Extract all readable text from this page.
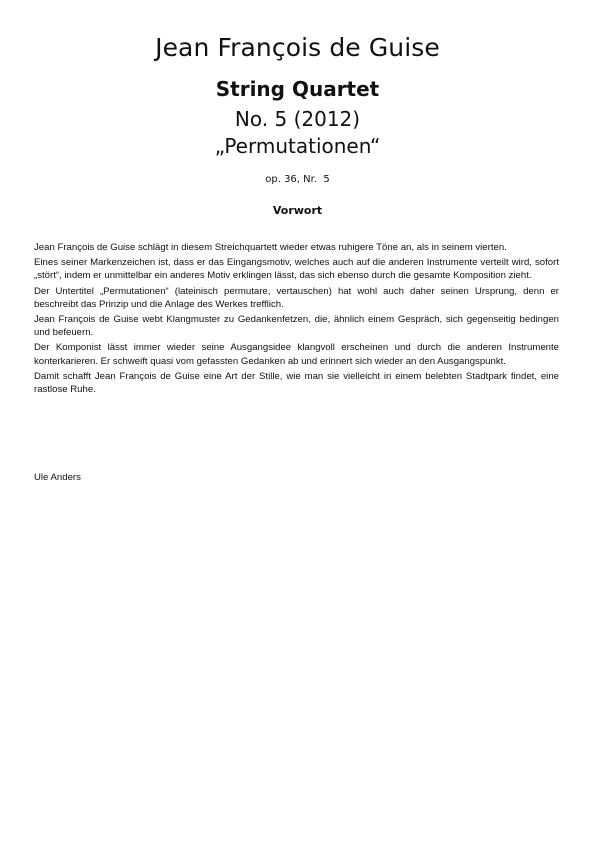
Jean François de Guise
String Quartet
No. 5 (2012)
„Permutationen“
op. 36, Nr.  5
Vorwort

Jean François de Guise schlägt in diesem Streichquartett wieder etwas ruhigere Töne an, als in seinem vierten.

Eines seiner Markenzeichen ist, dass er das Eingangsmotiv, welches auch auf die anderen Instrumente verteilt wird, sofort „stört“, indem er unmittelbar ein anderes Motiv erklingen lässt, das sich ebenso durch die gesamte Komposition zieht.

Der Untertitel „Permutationen“ (lateinisch permutare, vertauschen) hat wohl auch daher seinen Ursprung, denn er beschreibt das Prinzip und die Anlage des Werkes trefflich.

Jean François de Guise webt Klangmuster zu Gedankenfetzen, die, ähnlich einem Gespräch, sich gegenseitig bedingen und befeuern.

Der Komponist lässt immer wieder seine Ausgangsidee klangvoll erscheinen und durch die anderen Instrumente konterkarieren. Er schweift quasi vom gefassten Gedanken ab und erinnert sich wieder an den Ausgangspunkt.

Damit schafft Jean François de Guise eine Art der Stille, wie man sie vielleicht in einem belebten Stadtpark findet, eine rastlose Ruhe.

Ule Anders
